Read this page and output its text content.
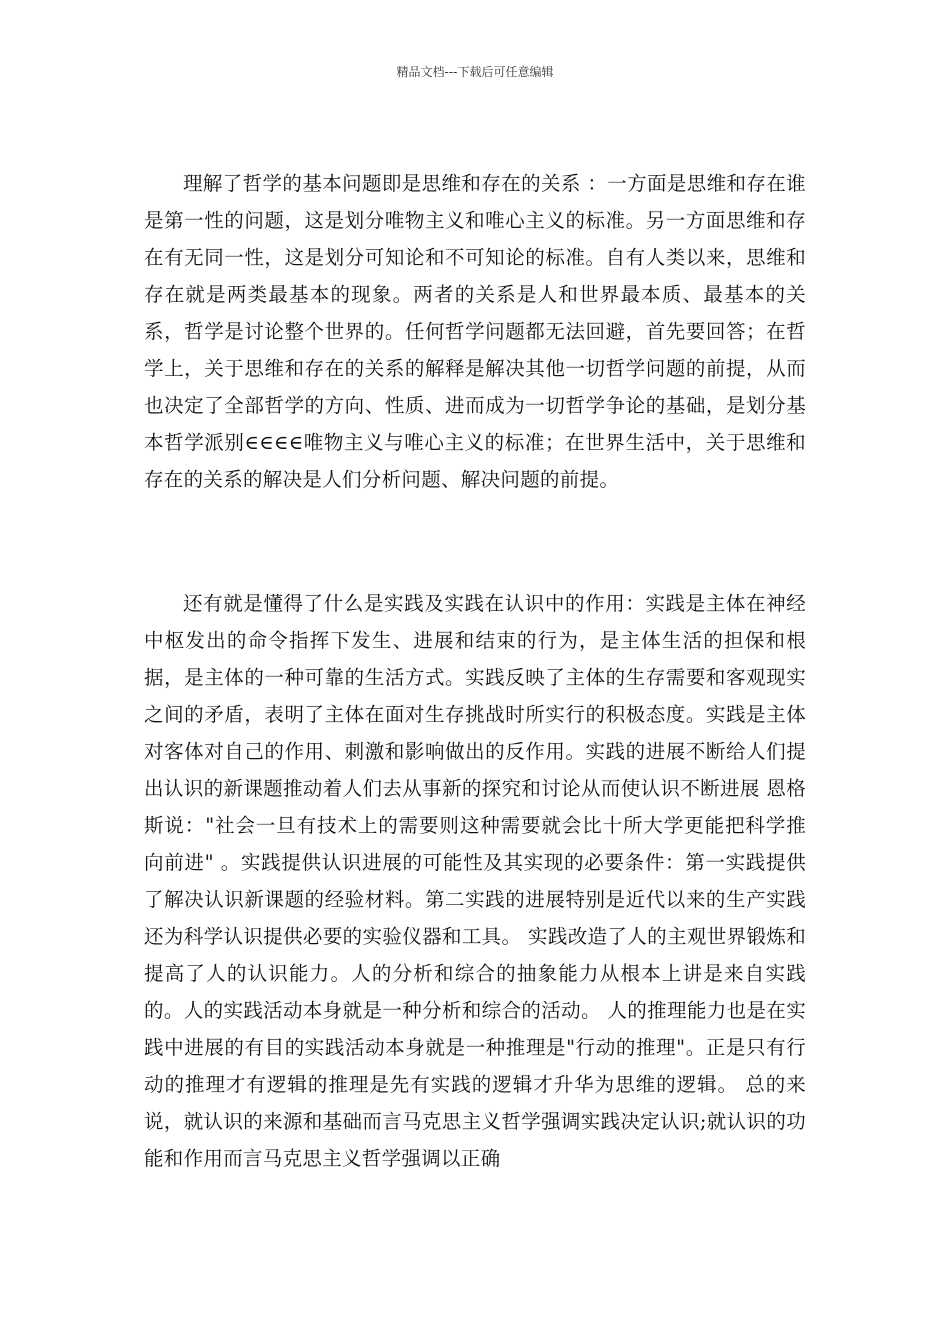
精品文档---下载后可任意编辑

理解了哲学的基本问题即是思维和存在的关系 ：一方面是思维和存在谁是第一性的问题，这是划分唯物主义和唯心主义的标准。另一方面思维和存在有无同一性，这是划分可知论和不可知论的标准。自有人类以来，思维和存在就是两类最基本的现象。两者的关系是人和世界最本质、最基本的关系，哲学是讨论整个世界的。任何哲学问题都无法回避，首先要回答；在哲学上，关于思维和存在的关系的解释是解决其他一切哲学问题的前提，从而也决定了全部哲学的方向、性质、进而成为一切哲学争论的基础，是划分基本哲学派别∈∈∈∈唯物主义与唯心主义的标准；在世界生活中，关于思维和存在的关系的解决是人们分析问题、解决问题的前提。

还有就是懂得了什么是实践及实践在认识中的作用：实践是主体在神经中枢发出的命令指挥下发生、进展和结束的行为，是主体生活的担保和根据，是主体的一种可靠的生活方式。实践反映了主体的生存需要和客观现实之间的矛盾，表明了主体在面对生存挑战时所实行的积极态度。实践是主体对客体对自己的作用、刺激和影响做出的反作用。实践的进展不断给人们提出认识的新课题推动着人们去从事新的探究和讨论从而使认识不断进展 恩格斯说："社会一旦有技术上的需要则这种需要就会比十所大学更能把科学推向前进" 。实践提供认识进展的可能性及其实现的必要条件：第一实践提供了解决认识新课题的经验材料。第二实践的进展特别是近代以来的生产实践还为科学认识提供必要的实验仪器和工具。 实践改造了人的主观世界锻炼和提高了人的认识能力。人的分析和综合的抽象能力从根本上讲是来自实践的。人的实践活动本身就是一种分析和综合的活动。 人的推理能力也是在实践中进展的有目的实践活动本身就是一种推理是"行动的推理"。正是只有行动的推理才有逻辑的推理是先有实践的逻辑才升华为思维的逻辑。 总的来说，就认识的来源和基础而言马克思主义哲学强调实践决定认识;就认识的功能和作用而言马克思主义哲学强调以正确
